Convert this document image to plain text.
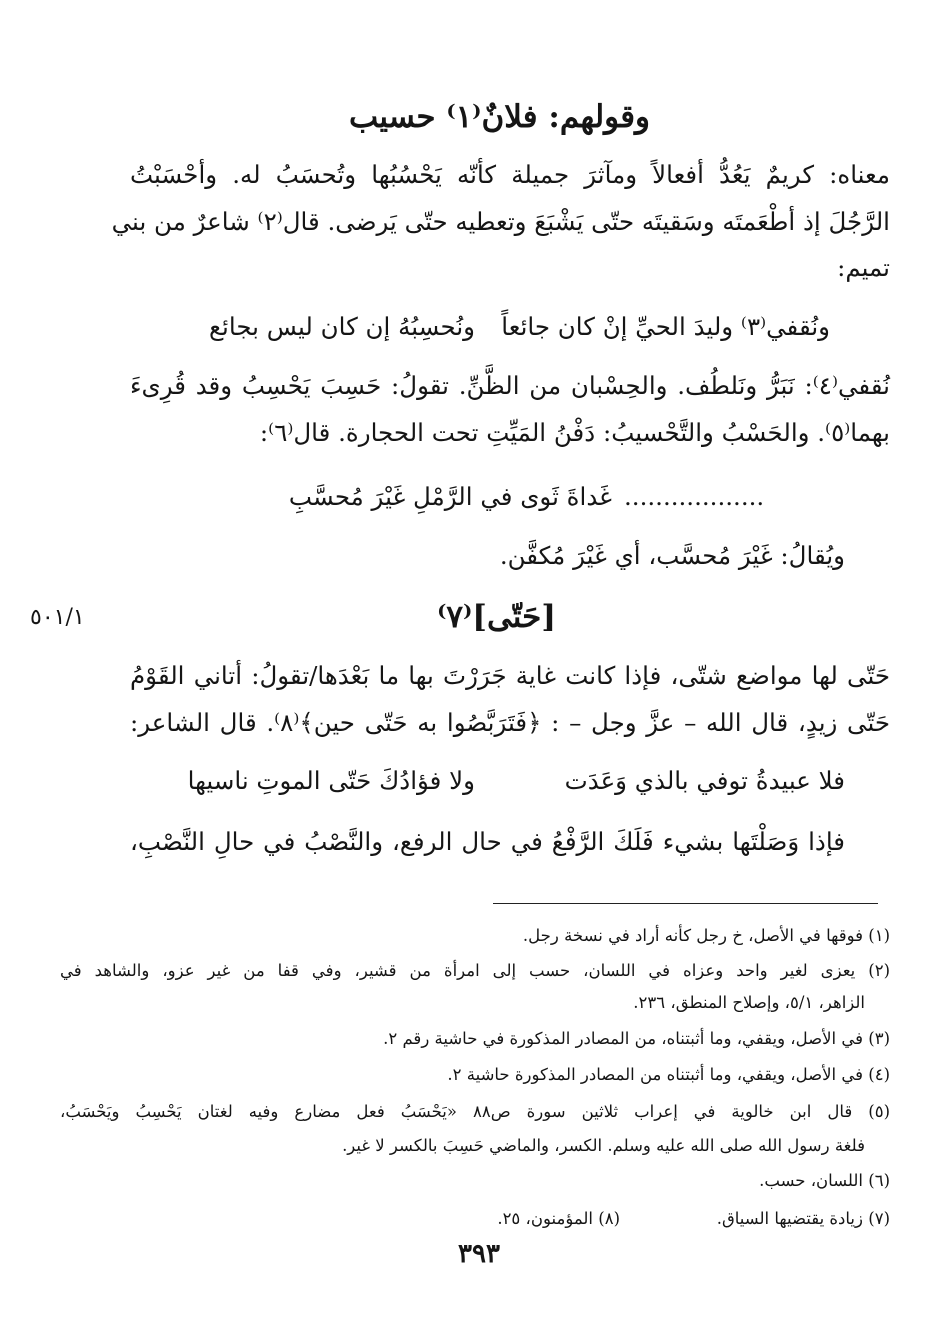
وقولهم: فلانٌ⁽١⁾ حسيب
معناه: كريمٌ يَعُدُّ أفعالاً ومآثرَ جميلة كأنّه يَحْسُبُها وتُحسَبُ له. وأحْسَبْتُ
الرَّجُلَ إذ أطْعَمتَه وسَقيتَه حتّى يَشْبَعَ وتعطيه حتّى يَرضى. قال⁽٢⁾ شاعرٌ من بني
تميم:
ونُقفي⁽٣⁾ وليدَ الحيِّ إنْ كان جائعاً
ونُحسِبُهُ إن كان ليس بجائع
نُقفي⁽٤⁾: نَبَرُّ ونَلطُف. والحِسْبان من الظَّنِّ. تقولُ: حَسِبَ يَحْسِبُ وقد قُرِىءَ
بهما⁽٥⁾. والحَسْبُ والتَّحْسيبُ: دَفْنُ المَيِّتِ تحت الحجارة. قال⁽٦⁾:
غَداةَ ثَوى في الرَّمْلِ غَيْرَ مُحسَّبِ ..................
ويُقالُ: غَيْرَ مُحسَّب، أي غَيْرَ مُكفَّن.
[حَتّى]⁽٧⁾
٥٠١/١
حَتّى لها مواضع شتّى، فإذا كانت غاية جَرَرْتَ بها ما بَعْدَها/تقولُ: أتاني القَوْمُ
حَتّى زيدٍ، قال الله – عزَّ وجل – : ﴿فَتَرَبَّصُوا به حَتّى حين﴾⁽٨⁾. قال الشاعر:
فلا عبيدةُ توفي بالذي وَعَدَت
ولا فؤادُكَ حَتّى الموتِ ناسيها
فإذا وَصَلْتَها بشيء فَلَكَ الرَّفْعُ في حال الرفع، والنَّصْبُ في حالِ النَّصْبِ،
(١) فوقها في الأصل، خ رجل كأنه أراد في نسخة رجل.
(٢) يعزى لغير واحد وعزاه في اللسان، حسب إلى امرأة من قشير، وفي قفا من غير عزو، والشاهد في
الزاهر، ٥/١، وإصلاح المنطق، ٢٣٦.
(٣) في الأصل، ويقفي، وما أثبتناه، من المصادر المذكورة في حاشية رقم ٢.
(٤) في الأصل، ويقفي، وما أثبتناه من المصادر المذكورة حاشية ٢.
(٥) قال ابن خالوية في إعراب ثلاثين سورة ص٨٨ «يَحْسَبُ فعل مضارع وفيه لغتان يَحْسِبُ ويَحْسَبُ،
فلغة رسول الله صلى الله عليه وسلم. الكسر، والماضي حَسِبَ بالكسر لا غير.
(٦) اللسان، حسب.
(٧) زيادة يقتضيها السياق.
(٨) المؤمنون، ٢٥.
٣٩٣
